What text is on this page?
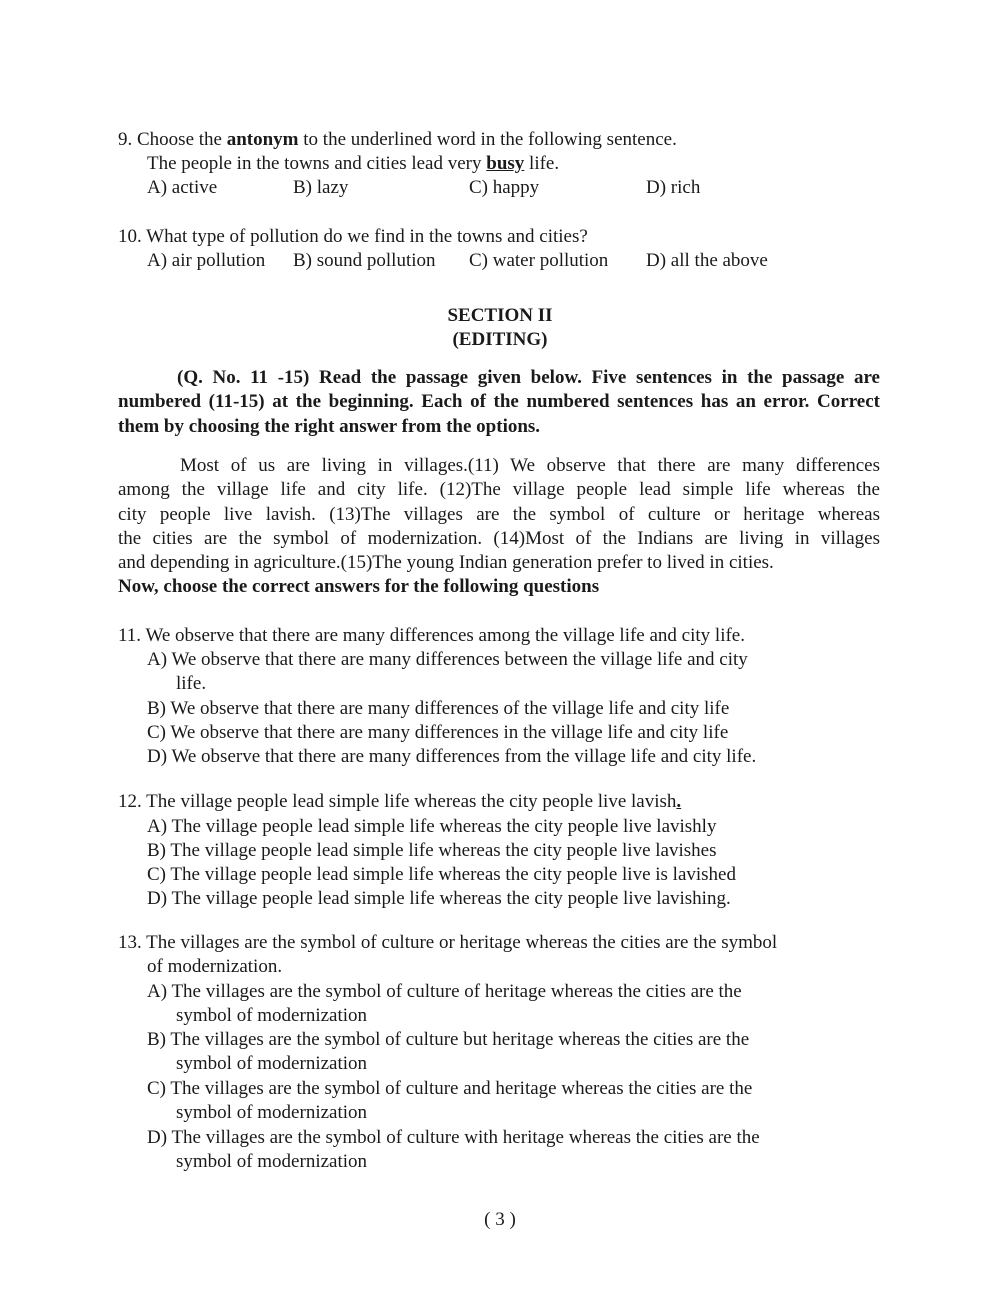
9. Choose the antonym to the underlined word in the following sentence.
The people in the towns and cities lead very busy life.
A) active	B) lazy	C) happy	D) rich
10. What type of pollution do we find in the towns and cities?
A) air pollution B) sound pollution C) water pollution D) all the above
SECTION II
(EDITING)
(Q. No. 11 -15) Read the passage given below. Five sentences in the passage are numbered (11-15) at the beginning. Each of the numbered sentences has an error. Correct them by choosing the right answer from the options.
Most of us are living in villages.(11) We observe that there are many differences
among the village life and city life. (12)The village people lead simple life whereas the
city people live lavish. (13)The villages are the symbol of culture or heritage whereas
the cities are the symbol of modernization. (14)Most of the Indians are living in villages
and depending in agriculture.(15)The young Indian generation prefer to lived in cities.
Now, choose the correct answers for the following questions
11. We observe that there are many differences among the village life and city life.
A) We observe that there are many differences between the village life and city
life.
B) We observe that there are many differences of the village life and city life
C) We observe that there are many differences in the village life and city life
D) We observe that there are many differences from the village life and city life.
12. The village people lead simple life whereas the city people live lavish.
A) The village people lead simple life whereas the city people live lavishly
B) The village people lead simple life whereas the city people live lavishes
C) The village people lead simple life whereas the city people live is lavished
D) The village people lead simple life whereas the city people live lavishing.
13. The villages are the symbol of culture or heritage whereas the cities are the symbol
of modernization.
A) The villages are the symbol of culture of heritage whereas the cities are the
symbol of modernization
B) The villages are the symbol of culture but heritage whereas the cities are the
symbol of modernization
C) The villages are the symbol of culture and heritage whereas the cities are the
symbol of modernization
D) The villages are the symbol of culture with heritage whereas the cities are the
symbol of modernization
( 3 )
